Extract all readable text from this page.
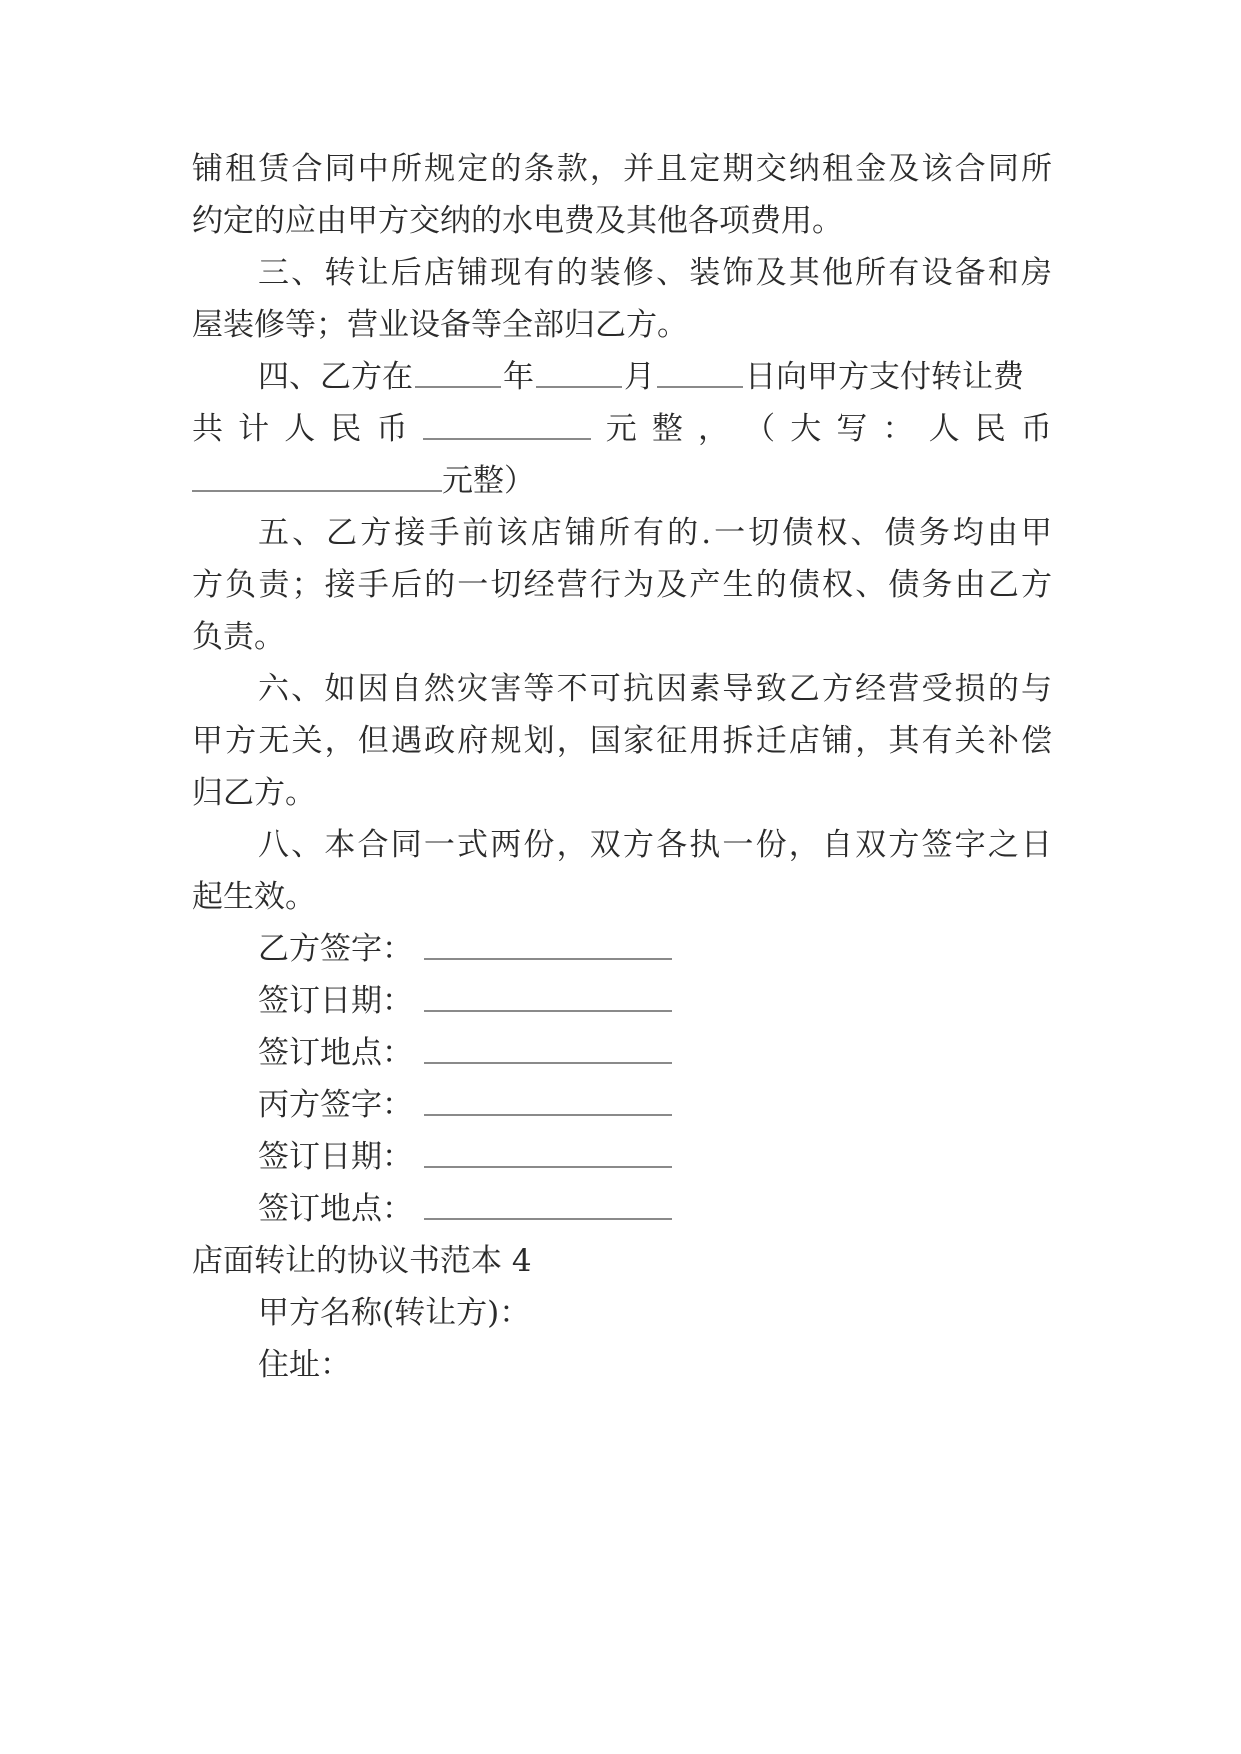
铺租赁合同中所规定的条款，并且定期交纳租金及该合同所
约定的应由甲方交纳的水电费及其他各项费用。
三、转让后店铺现有的装修、装饰及其他所有设备和房
屋装修等；营业设备等全部归乙方。
四、乙方在	年	月	日向甲方支付转让费
共 计 人 民 币	元 整 ， （ 大 写 ： 人 民 币
元整）
五、乙方接手前该店铺所有的.一切债权、债务均由甲
方负责；接手后的一切经营行为及产生的债权、债务由乙方
负责。
六、如因自然灾害等不可抗因素导致乙方经营受损的与
甲方无关，但遇政府规划，国家征用拆迁店铺，其有关补偿
归乙方。
八、本合同一式两份，双方各执一份，自双方签字之日
起生效。
乙方签字：
签订日期：
签订地点：
丙方签字：
签订日期：
签订地点：
店面转让的协议书范本 4
甲方名称(转让方)：
住址：
